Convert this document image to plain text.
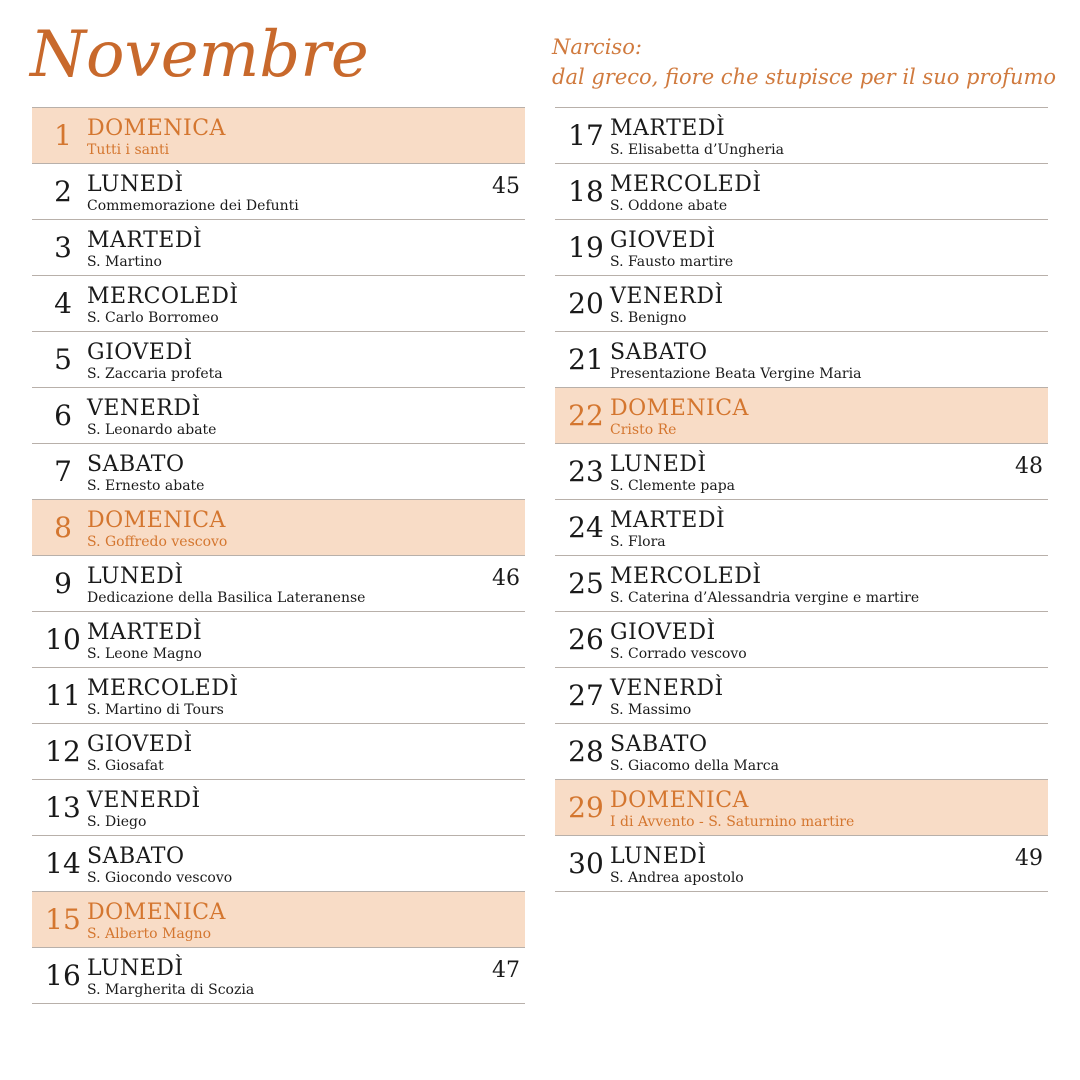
Novembre	Narciso:
dal greco, fiore che stupisce per il suo profumo
1 DOMENICA
Tutti i santi
2 LUNEDÌ
Commemorazione dei Defunti
45
3 MARTEDÌ
S. Martino
4 MERCOLEDÌ
S. Carlo Borromeo
5 GIOVEDÌ
S. Zaccaria profeta
6 VENERDÌ
S. Leonardo abate
7 SABATO
S. Ernesto abate
8 DOMENICA
S. Goffredo vescovo
9 LUNEDÌ
Dedicazione della Basilica Lateranense
46
10 MARTEDÌ
S. Leone Magno
11 MERCOLEDÌ
S. Martino di Tours
12 GIOVEDÌ
S. Giosafat
13 VENERDÌ
S. Diego
14 SABATO
S. Giocondo vescovo
15 DOMENICA
S. Alberto Magno
16 LUNEDÌ
S. Margherita di Scozia
47
17 MARTEDÌ
S. Elisabetta d’Ungheria
18 MERCOLEDÌ
S. Oddone abate
19 GIOVEDÌ
S. Fausto martire
20 VENERDÌ
S. Benigno
21 SABATO
Presentazione Beata Vergine Maria
22 DOMENICA
Cristo Re
23 LUNEDÌ
S. Clemente papa
48
24 MARTEDÌ
S. Flora
25 MERCOLEDÌ
S. Caterina d’Alessandria vergine e martire
26 GIOVEDÌ
S. Corrado vescovo
27 VENERDÌ
S. Massimo
28 SABATO
S. Giacomo della Marca
29 DOMENICA
I di Avvento - S. Saturnino martire
30 LUNEDÌ
S. Andrea apostolo
49
